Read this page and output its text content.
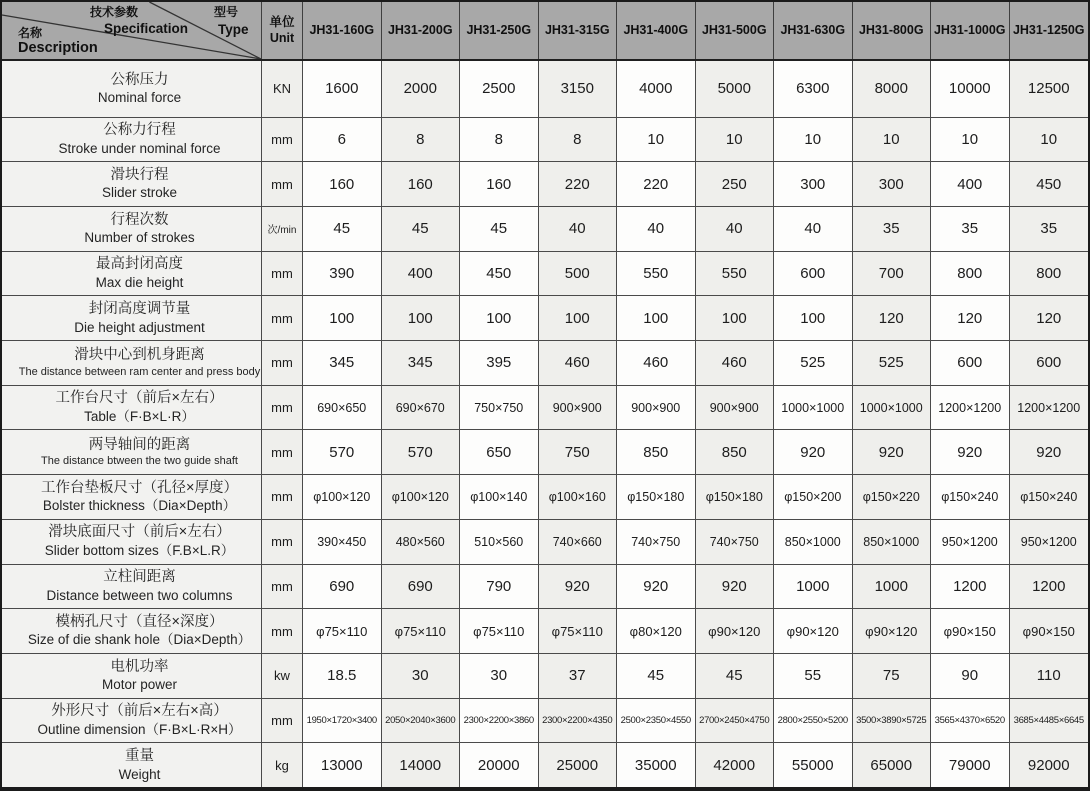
技术参数
Specification
型号
Type
名称
Description
单位
Unit
JH31-160G	JH31-200G	JH31-250G	JH31-315G	JH31-400G	JH31-500G	JH31-630G	JH31-800G JH31-1000G JH31-1250G
公称压力
Nominal force
KN	1600	2000	2500	3150	4000	5000	6300	8000	10000	12500
公称力行程
Stroke under nominal force
mm	6	8	8	8	10	10	10	10	10	10
滑块行程
Slider stroke
mm	160	160	160	220	220	250	300	300	400	450
行程次数
Number of strokes	次/min	45	45	45	40	40	40	40	35	35	35
最高封闭高度
Max die height
mm	390	400	450	500	550	550	600	700	800	800
封闭高度调节量
Die height adjustment
mm	100	100	100	100	100	100	100	120	120	120
滑块中心到机身距离
The distance between ram center and press body
mm	345	345	395	460	460	460	525	525	600	600
工作台尺寸（前后×左右）
Table（F·B×L·R）
mm	690×650	690×670	750×750	900×900	900×900	900×900	1000×1000	1000×1000	1200×1200	1200×1200
两导轴间的距离
The distance btween the two guide shaft
mm	570	570	650	750	850	850	920	920	920	920
工作台垫板尺寸（孔径×厚度）
Bolster thickness（Dia×Depth）
mm	φ100×120	φ100×120	φ100×140	φ100×160	φ150×180	φ150×180	φ150×200	φ150×220	φ150×240	φ150×240
滑块底面尺寸（前后×左右）
Slider bottom sizes（F.B×L.R）
mm	390×450	480×560	510×560	740×660	740×750	740×750	850×1000	850×1000	950×1200	950×1200
立柱间距离
Distance between two columns
mm	690	690	790	920	920	920	1000	1000	1200	1200
模柄孔尺寸（直径×深度）
Size of die shank hole（Dia×Depth）
mm	φ75×110	φ75×110	φ75×110	φ75×110	φ80×120	φ90×120	φ90×120	φ90×120	φ90×150	φ90×150
电机功率
Motor power
kw	18.5	30	30	37	45	45	55	75	90	110
外形尺寸（前后×左右×高）
Outline dimension（F·B×L·R×H）
mm	1950×1720×3400 2050×2040×3600 2300×2200×3860 2300×2200×4350 2500×2350×4550 2700×2450×4750 2800×2550×5200 3500×3890×5725 3565×4370×6520 3685×4485×6645
重量
Weight
kg	13000	14000	20000	25000	35000	42000	55000	65000	79000	92000
